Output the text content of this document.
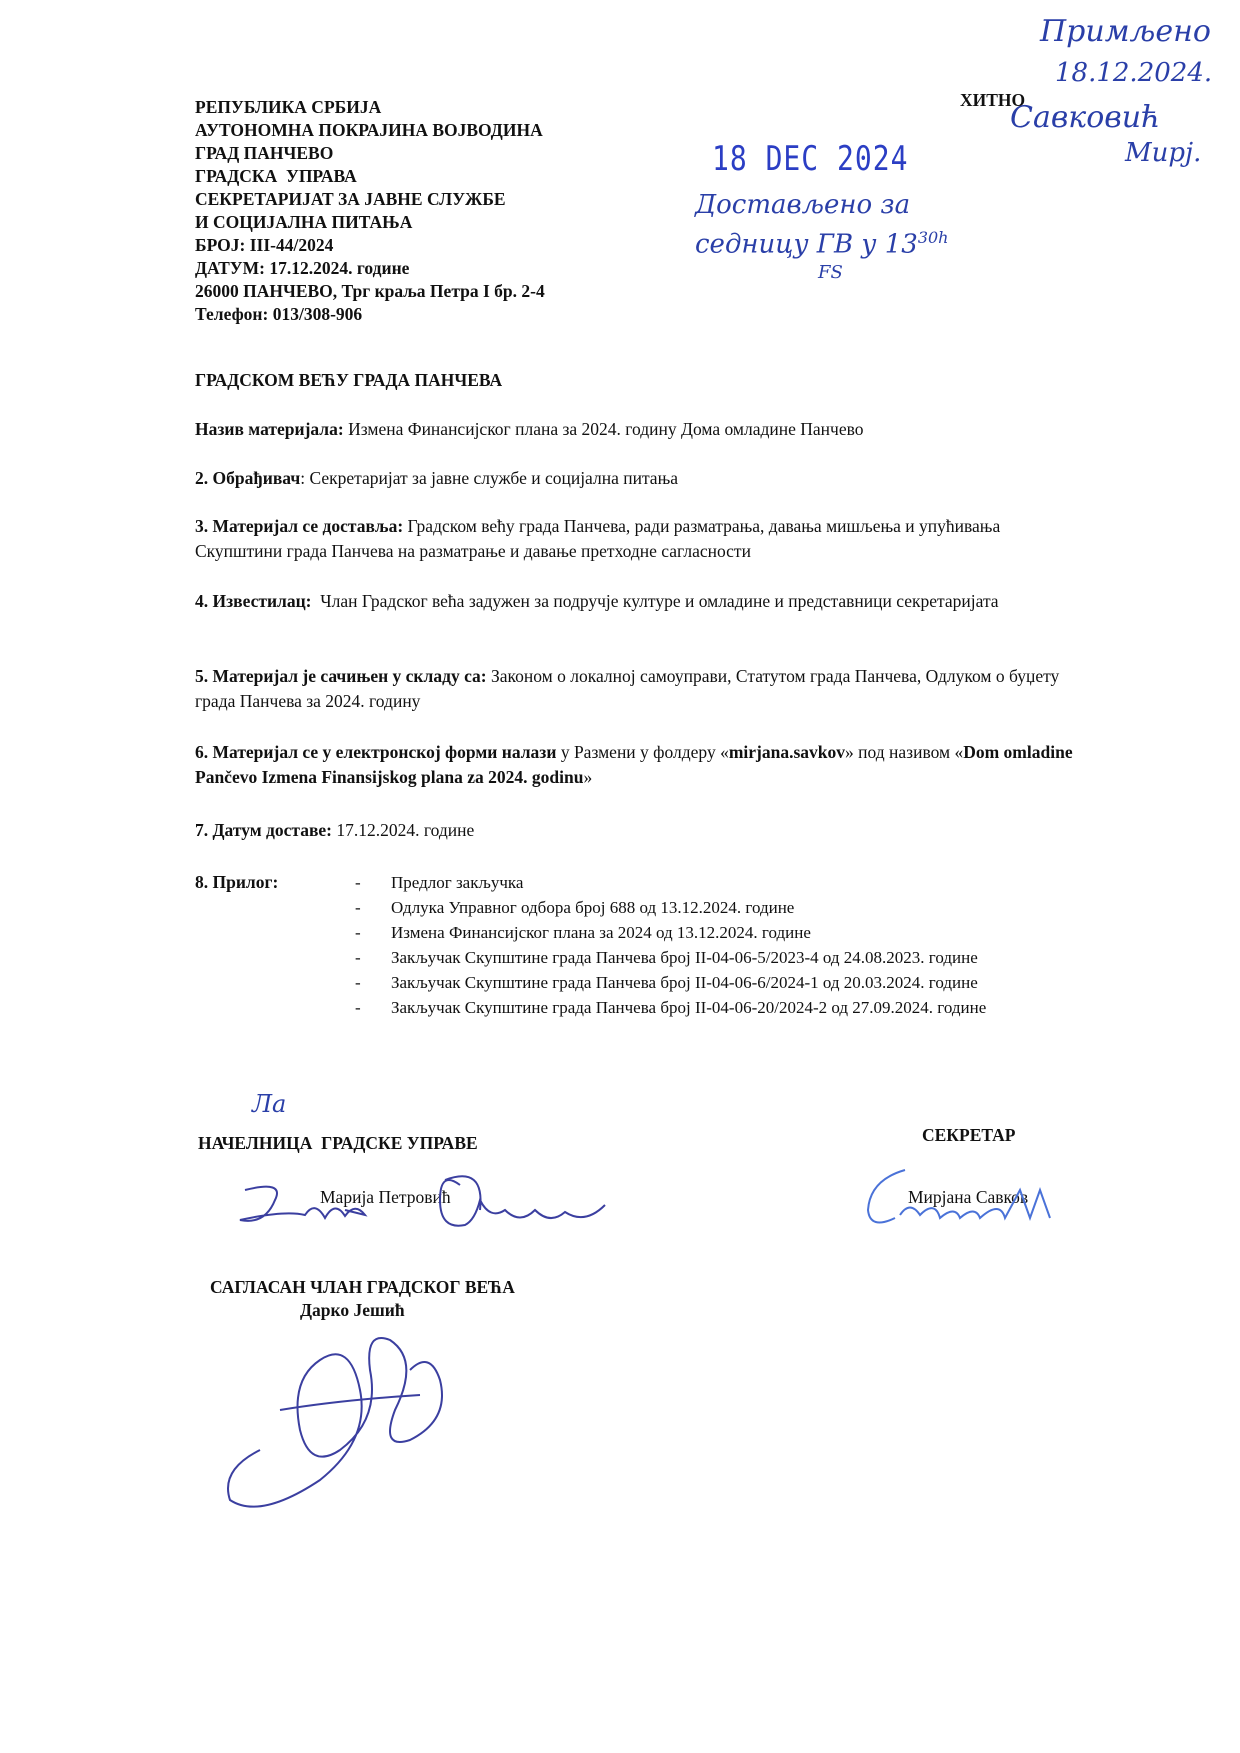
Примљено
18.12.2024.
Савковић
Мирј.
ХИТНО
18 DEC 2024
Достављено за
седницу ГВ у $13^{30h}$
FS
РЕПУБЛИКА СРБИЈА
АУТОНОМНА ПОКРАЈИНА ВОЈВОДИНА
ГРАД ПАНЧЕВО
ГРАДСКА  УПРАВА
СЕКРЕТАРИЈАТ ЗА ЈАВНЕ СЛУЖБЕ
И СОЦИЈАЛНА ПИТАЊА
БРОЈ: III-44/2024
ДАТУМ: 17.12.2024. године
26000 ПАНЧЕВО, Трг краља Петра I бр. 2-4
Телефон: 013/308-906
ГРАДСКОМ ВЕЋУ ГРАДА ПАНЧЕВА
Назив материјала: Измена Финансијског плана за 2024. годину Дома омладине Панчево
2. Обрађивач: Секретаријат за јавне службе и социјална питања
3. Материјал се доставља: Градском већу града Панчева, ради разматрања, давања мишљења и упућивања Скупштини града Панчева на разматрање и давање претходне сагласности
4. Известилац:  Члан Градског већа задужен за подручје културе и омладине и представници секретаријата
5. Материјал је сачињен у складу са: Законом о локалној самоуправи, Статутом града Панчева, Одлуком о буџету града Панчева за 2024. годину
6. Материјал се у електронској форми налази у Размени у фолдеру «mirjana.savkov» под називом «Dom omladine Pančevo Izmena Finansijskog plana za 2024. godinu»
7. Датум доставе: 17.12.2024. године
8. Прилог:	- Предлог закључка
- Одлука Управног одбора број 688 од 13.12.2024. године
- Измена Финансијског плана за 2024 од 13.12.2024. године
- Закључак Скупштине града Панчева број II-04-06-5/2023-4 од 24.08.2023. године
- Закључак Скупштине града Панчева број II-04-06-6/2024-1 од 20.03.2024. године
- Закључак Скупштине града Панчева број II-04-06-20/2024-2 од 27.09.2024. године
Ла
НАЧЕЛНИЦА  ГРАДСКЕ УПРАВЕ
Марија Петровић
СЕКРЕТАР
Мирјана Савков
САГЛАСАН ЧЛАН ГРАДСКОГ ВЕЋА
Дарко Јешић
